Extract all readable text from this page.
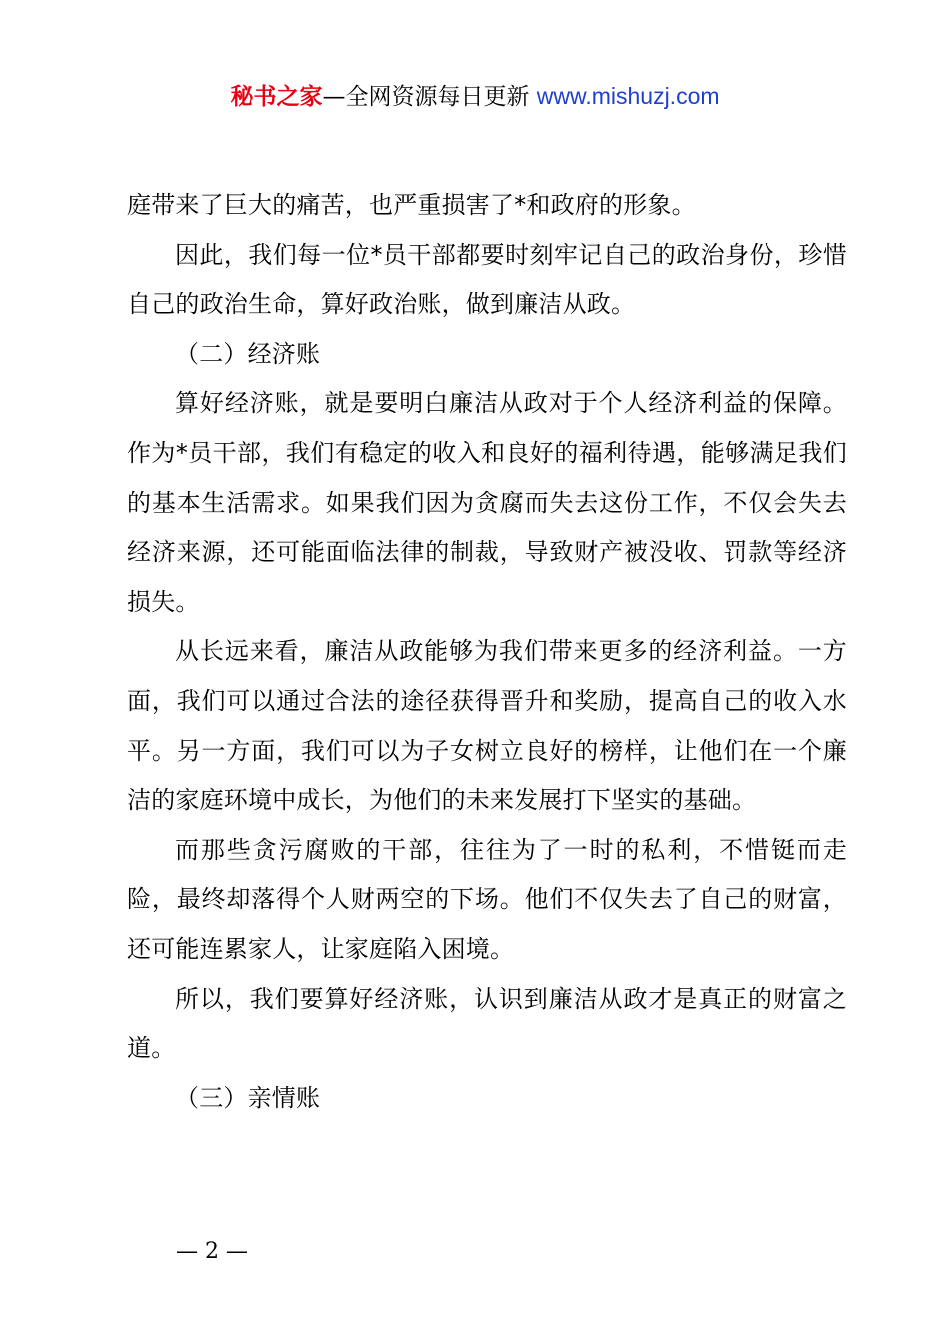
秘书之家—全网资源每日更新 www.mishuzj.com

庭带来了巨大的痛苦，也严重损害了*和政府的形象。

因此，我们每一位*员干部都要时刻牢记自己的政治身份，珍惜自己的政治生命，算好政治账，做到廉洁从政。

（二）经济账

算好经济账，就是要明白廉洁从政对于个人经济利益的保障。作为*员干部，我们有稳定的收入和良好的福利待遇，能够满足我们的基本生活需求。如果我们因为贪腐而失去这份工作，不仅会失去经济来源，还可能面临法律的制裁，导致财产被没收、罚款等经济损失。

从长远来看，廉洁从政能够为我们带来更多的经济利益。一方面，我们可以通过合法的途径获得晋升和奖励，提高自己的收入水平。另一方面，我们可以为子女树立良好的榜样，让他们在一个廉洁的家庭环境中成长，为他们的未来发展打下坚实的基础。

而那些贪污腐败的干部，往往为了一时的私利，不惜铤而走险，最终却落得个人财两空的下场。他们不仅失去了自己的财富，还可能连累家人，让家庭陷入困境。

所以，我们要算好经济账，认识到廉洁从政才是真正的财富之道。

（三）亲情账

— 2 —
